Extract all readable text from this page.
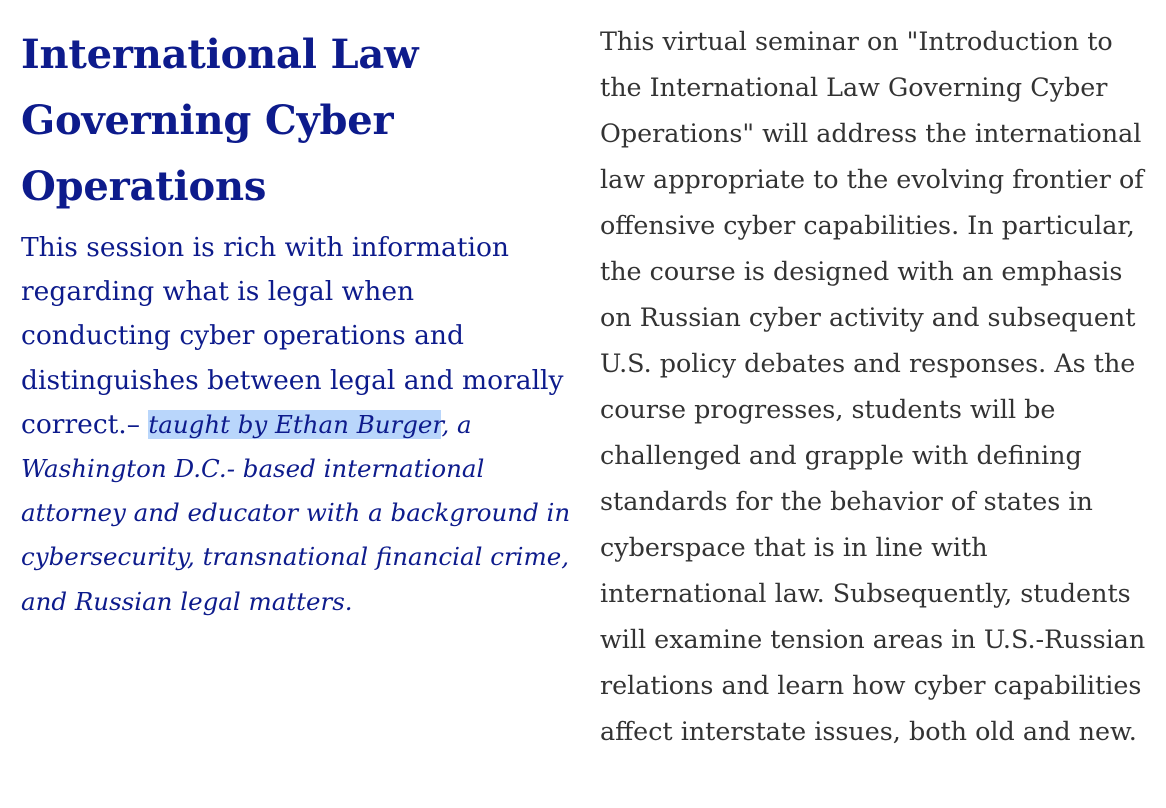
International Law Governing Cyber Operations

This session is rich with information regarding what is legal when conducting cyber operations and distinguishes between legal and morally correct.– taught by Ethan Burger, a Washington D.C.- based international attorney and educator with a background in cybersecurity, transnational financial crime, and Russian legal matters.

This virtual seminar on "Introduction to the International Law Governing Cyber Operations" will address the international law appropriate to the evolving frontier of offensive cyber capabilities. In particular, the course is designed with an emphasis on Russian cyber activity and subsequent U.S. policy debates and responses. As the course progresses, students will be challenged and grapple with defining standards for the behavior of states in cyberspace that is in line with international law. Subsequently, students will examine tension areas in U.S.-Russian relations and learn how cyber capabilities affect interstate issues, both old and new.
